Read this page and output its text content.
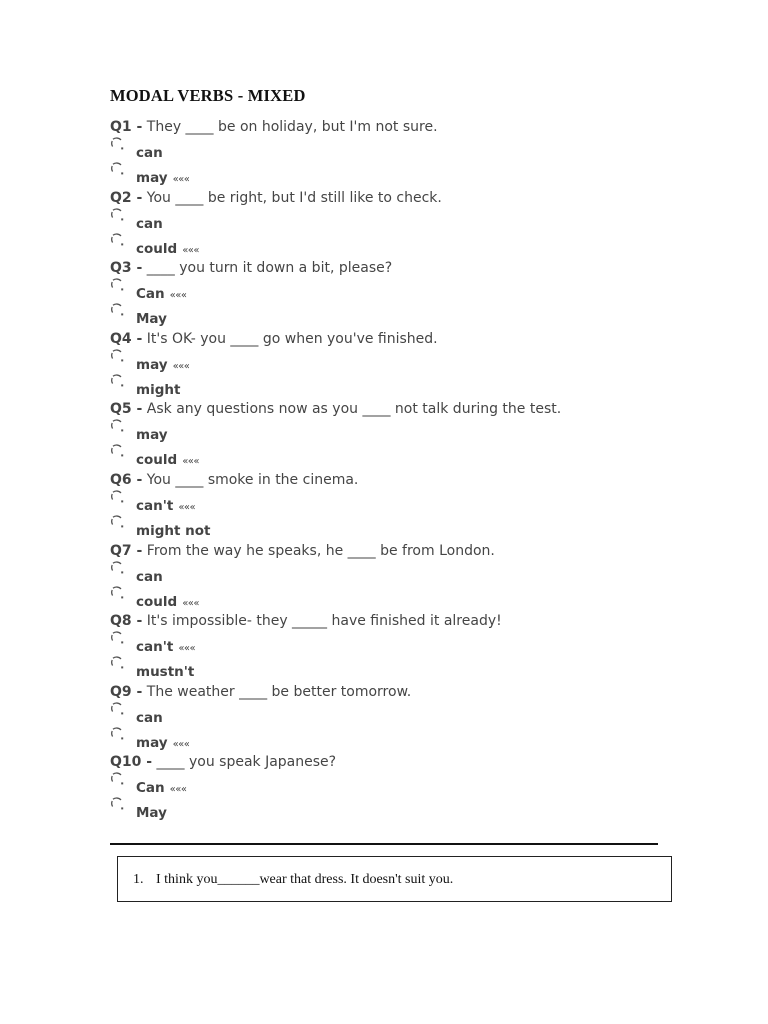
MODAL VERBS - MIXED
Q1 - They ____ be on holiday, but I'm not sure.
can
may «««
Q2 - You ____ be right, but I'd still like to check.
can
could «««
Q3 - ____ you turn it down a bit, please?
Can «««
May
Q4 - It's OK- you ____ go when you've finished.
may «««
might
Q5 - Ask any questions now as you ____ not talk during the test.
may
could «««
Q6 - You ____ smoke in the cinema.
can't «««
might not
Q7 - From the way he speaks, he ____ be from London.
can
could «««
Q8 - It's impossible- they _____ have finished it already!
can't «««
mustn't
Q9 - The weather ____ be better tomorrow.
can
may «««
Q10 - ____ you speak Japanese?
Can «««
May
1. I think you______wear that dress. It doesn't suit you.
